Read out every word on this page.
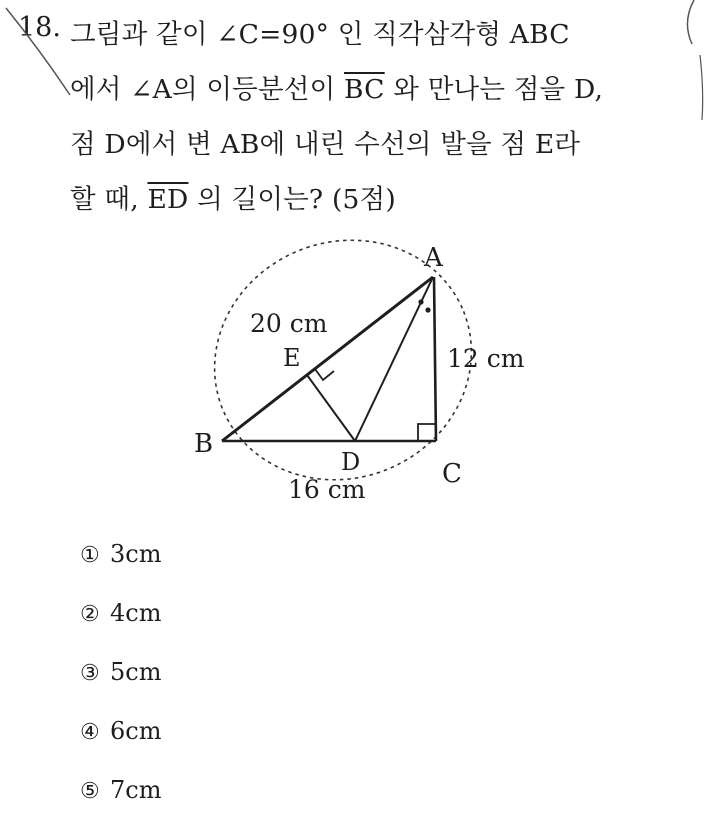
18. 그림과 같이 ∠C=90° 인 직각삼각형 ABC
에서 ∠A의 이등분선이 $\overline{BC}$ 와 만나는 점을 D,
점 D에서 변 AB에 내린 수선의 발을 점 E라
할 때, $\overline{ED}$ 의 길이는? (5점)
A
B
C
D
E
20 cm
12 cm
16 cm
① 3cm
② 4cm
③ 5cm
④ 6cm
⑤ 7cm
